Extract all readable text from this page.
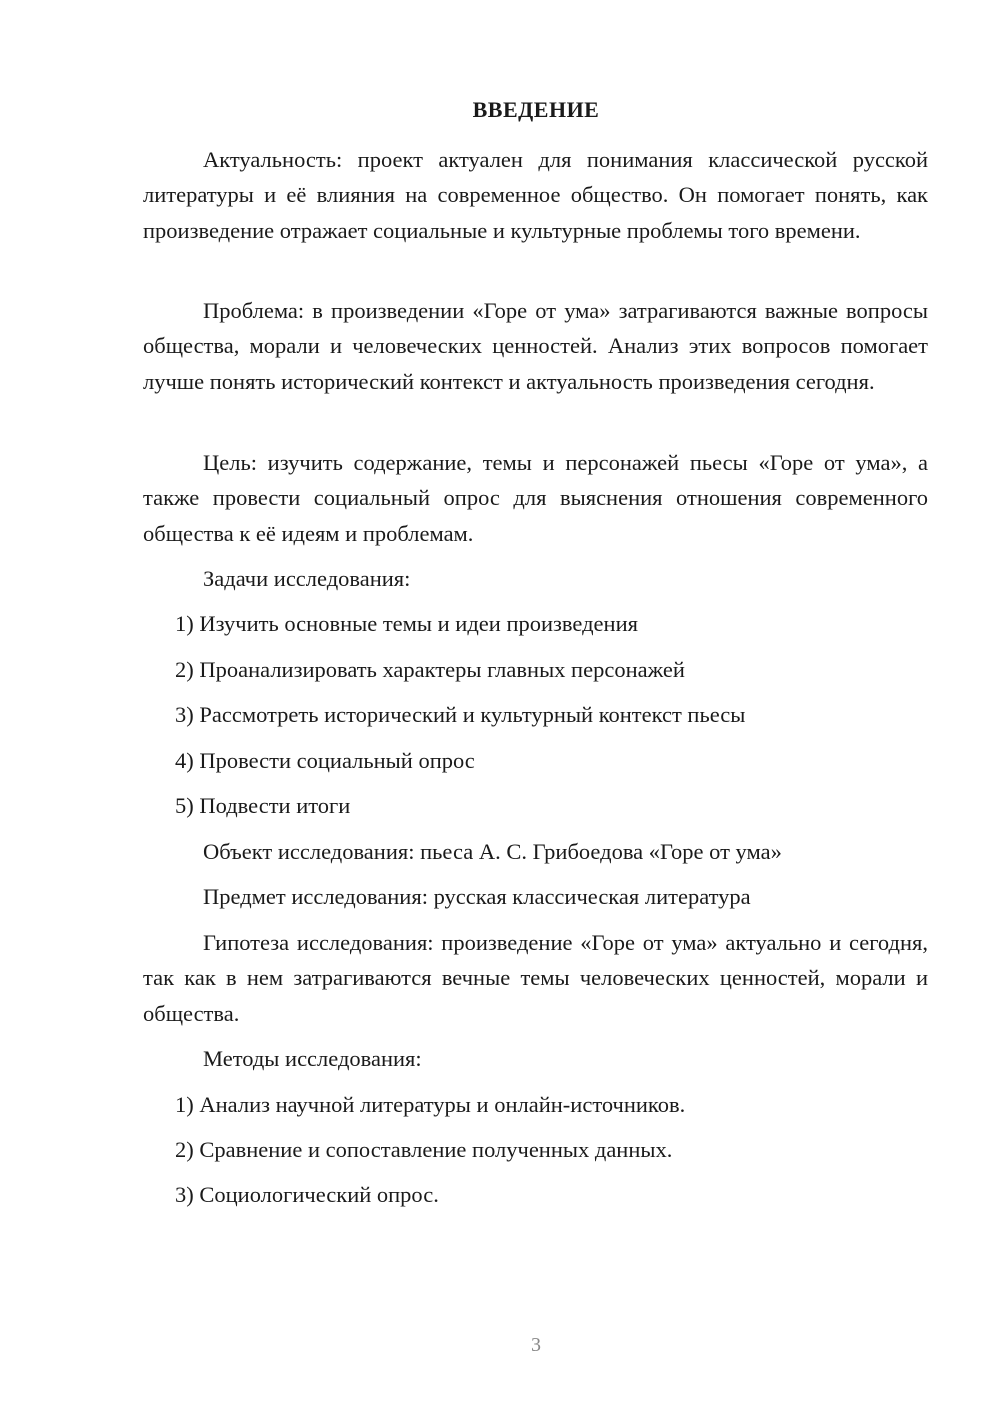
ВВЕДЕНИЕ
Актуальность: проект актуален для понимания классической русской литературы и её влияния на современное общество. Он помогает понять, как произведение отражает социальные и культурные проблемы того времени.
Проблема: в произведении «Горе от ума» затрагиваются важные вопросы общества, морали и человеческих ценностей. Анализ этих вопросов помогает лучше понять исторический контекст и актуальность произведения сегодня.
Цель: изучить содержание, темы и персонажей пьесы «Горе от ума», а также провести социальный опрос для выяснения отношения современного общества к её идеям и проблемам.
Задачи исследования:
1) Изучить основные темы и идеи произведения
2) Проанализировать характеры главных персонажей
3) Рассмотреть исторический и культурный контекст пьесы
4) Провести социальный опрос
5) Подвести итоги
Объект исследования: пьеса А. С. Грибоедова «Горе от ума»
Предмет исследования: русская классическая литература
Гипотеза исследования: произведение «Горе от ума» актуально и сегодня, так как в нем затрагиваются вечные темы человеческих ценностей, морали и общества.
Методы исследования:
1) Анализ научной литературы и онлайн-источников.
2) Сравнение и сопоставление полученных данных.
3) Социологический опрос.
3
